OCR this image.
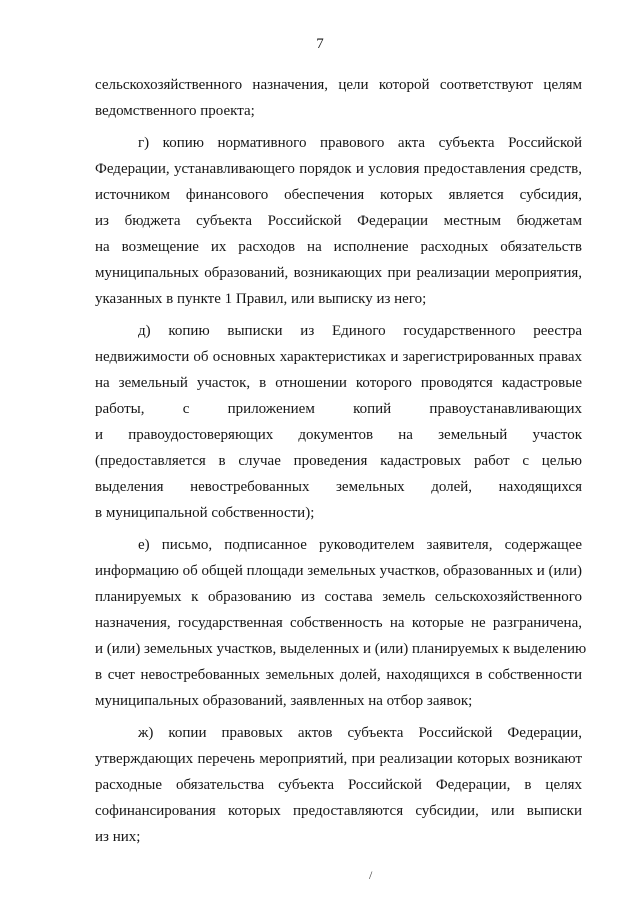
7
сельскохозяйственного назначения, цели которой соответствуют целям
ведомственного проекта;
г) копию нормативного правового акта субъекта Российской
Федерации, устанавливающего порядок и условия предоставления средств,
источником финансового обеспечения которых является субсидия,
из бюджета субъекта Российской Федерации местным бюджетам
на возмещение их расходов на исполнение расходных обязательств
муниципальных образований, возникающих при реализации мероприятия,
указанных в пункте 1 Правил, или выписку из него;
д) копию выписки из Единого государственного реестра
недвижимости об основных характеристиках и зарегистрированных правах
на земельный участок, в отношении которого проводятся кадастровые
работы, с приложением копий правоустанавливающих
и правоудостоверяющих документов на земельный участок
(предоставляется в случае проведения кадастровых работ с целью
выделения невостребованных земельных долей, находящихся
в муниципальной собственности);
е) письмо, подписанное руководителем заявителя, содержащее
информацию об общей площади земельных участков, образованных и (или)
планируемых к образованию из состава земель сельскохозяйственного
назначения, государственная собственность на которые не разграничена,
и (или) земельных участков, выделенных и (или) планируемых к выделению
в счет невостребованных земельных долей, находящихся в собственности
муниципальных образований, заявленных на отбор заявок;
ж) копии правовых актов субъекта Российской Федерации,
утверждающих перечень мероприятий, при реализации которых возникают
расходные обязательства субъекта Российской Федерации, в целях
софинансирования которых предоставляются субсидии, или выписки
из них;
/
